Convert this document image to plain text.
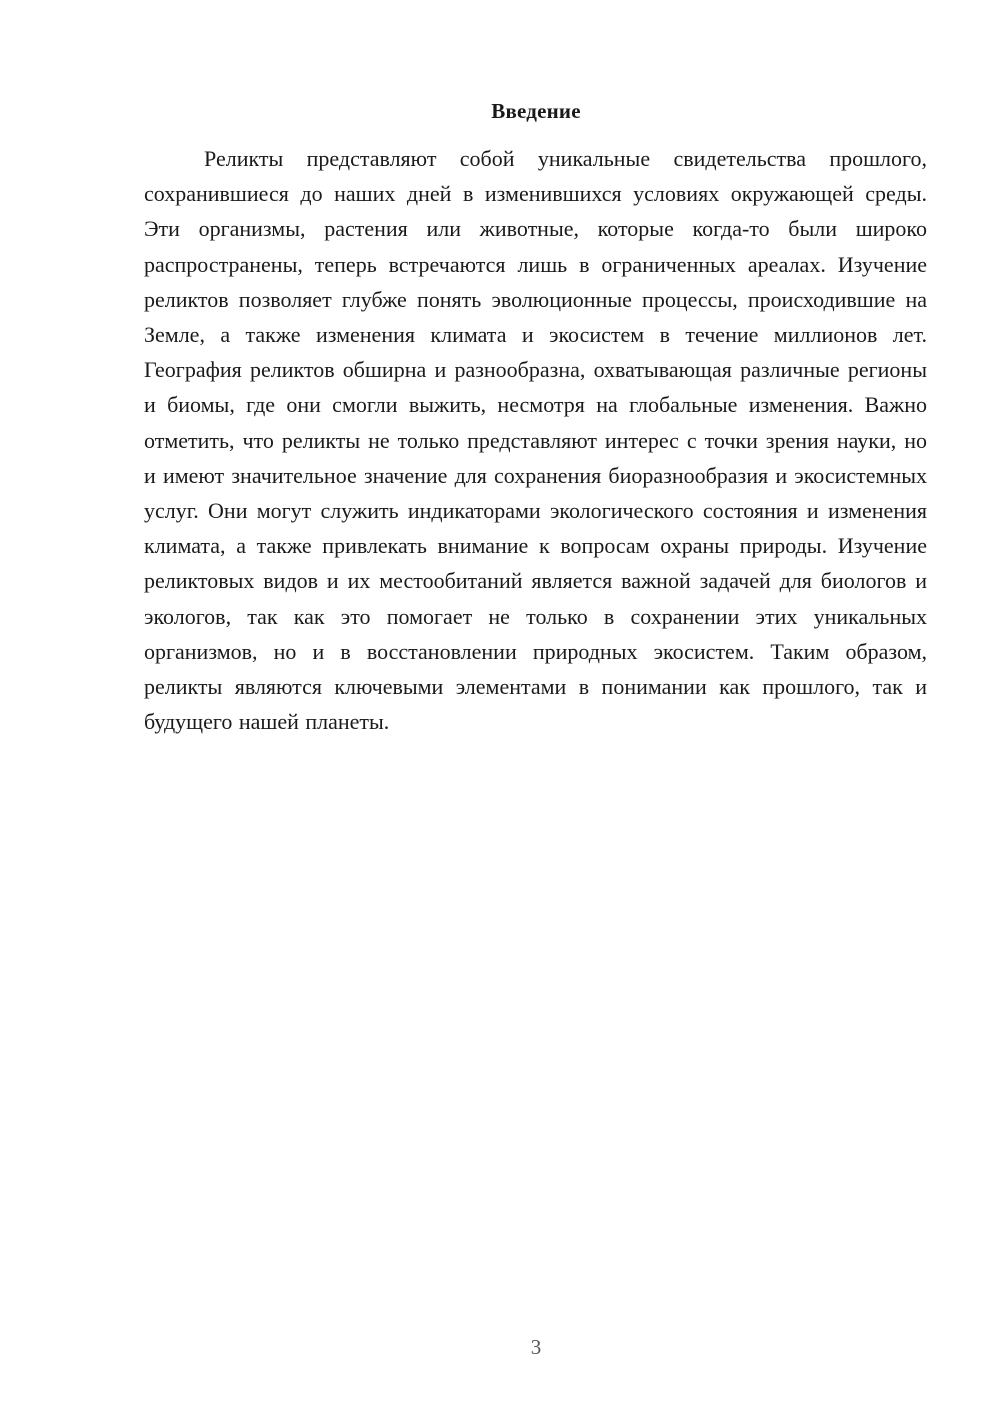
Введение

Реликты представляют собой уникальные свидетельства прошлого, сохранившиеся до наших дней в изменившихся условиях окружающей среды. Эти организмы, растения или животные, которые когда-то были широко распространены, теперь встречаются лишь в ограниченных ареалах. Изучение реликтов позволяет глубже понять эволюционные процессы, происходившие на Земле, а также изменения климата и экосистем в течение миллионов лет. География реликтов обширна и разнообразна, охватывающая различные регионы и биомы, где они смогли выжить, несмотря на глобальные изменения. Важно отметить, что реликты не только представляют интерес с точки зрения науки, но и имеют значительное значение для сохранения биоразнообразия и экосистемных услуг. Они могут служить индикаторами экологического состояния и изменения климата, а также привлекать внимание к вопросам охраны природы. Изучение реликтовых видов и их местообитаний является важной задачей для биологов и экологов, так как это помогает не только в сохранении этих уникальных организмов, но и в восстановлении природных экосистем. Таким образом, реликты являются ключевыми элементами в понимании как прошлого, так и будущего нашей планеты.

3
